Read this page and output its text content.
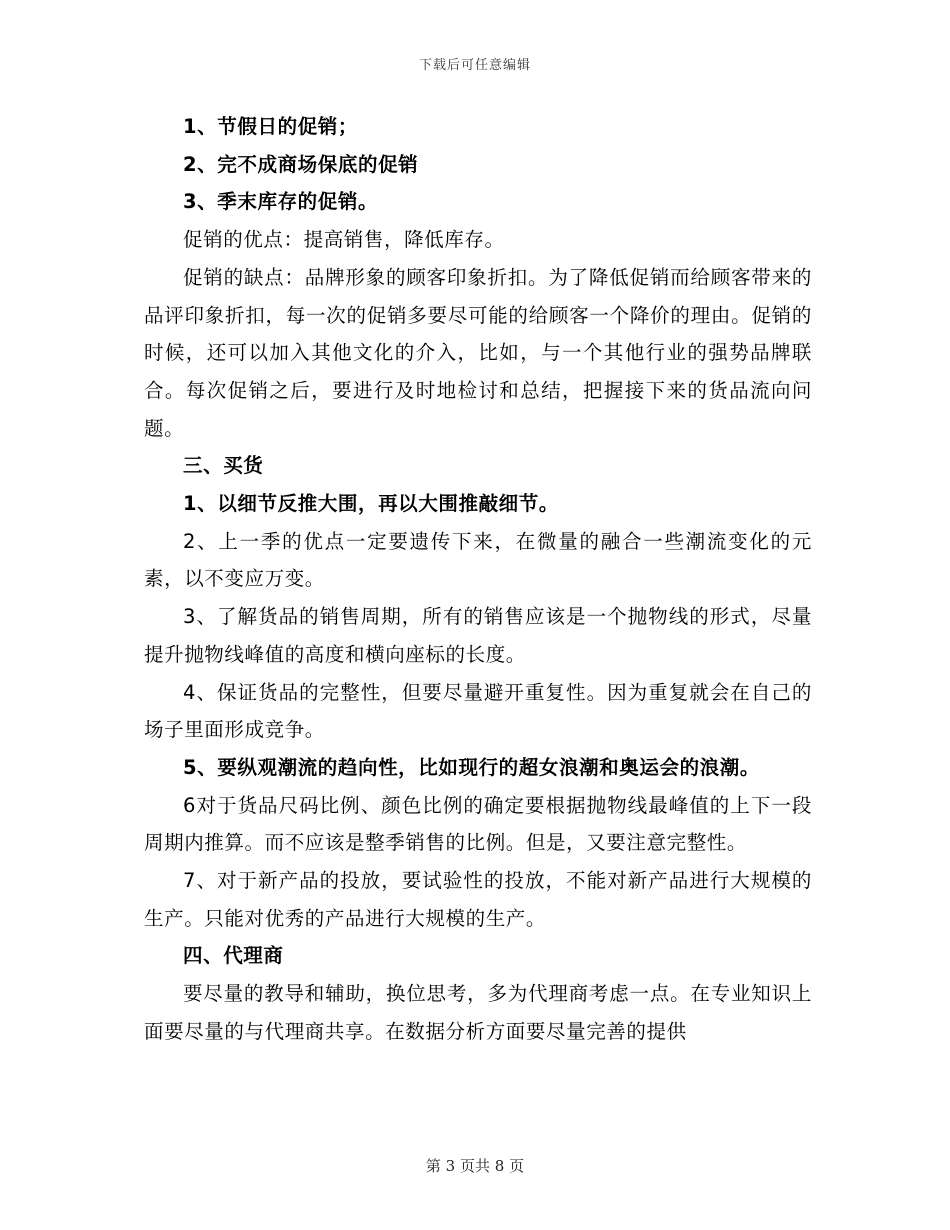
下载后可任意编辑

1、节假日的促销；

2、完不成商场保底的促销

3、季末库存的促销。

促销的优点：提高销售，降低库存。

促销的缺点：品牌形象的顾客印象折扣。为了降低促销而给顾客带来的品评印象折扣，每一次的促销多要尽可能的给顾客一个降价的理由。促销的时候，还可以加入其他文化的介入，比如，与一个其他行业的强势品牌联合。每次促销之后，要进行及时地检讨和总结，把握接下来的货品流向问题。

三、买货

1、以细节反推大围，再以大围推敲细节。

2、上一季的优点一定要遗传下来，在微量的融合一些潮流变化的元素，以不变应万变。

3、了解货品的销售周期，所有的销售应该是一个抛物线的形式，尽量提升抛物线峰值的高度和横向座标的长度。

4、保证货品的完整性，但要尽量避开重复性。因为重复就会在自己的场子里面形成竞争。

5、要纵观潮流的趋向性，比如现行的超女浪潮和奥运会的浪潮。

6对于货品尺码比例、颜色比例的确定要根据抛物线最峰值的上下一段周期内推算。而不应该是整季销售的比例。但是，又要注意完整性。

7、对于新产品的投放，要试验性的投放，不能对新产品进行大规模的生产。只能对优秀的产品进行大规模的生产。

四、代理商

要尽量的教导和辅助，换位思考，多为代理商考虑一点。在专业知识上面要尽量的与代理商共享。在数据分析方面要尽量完善的提供

第 3 页共 8 页
